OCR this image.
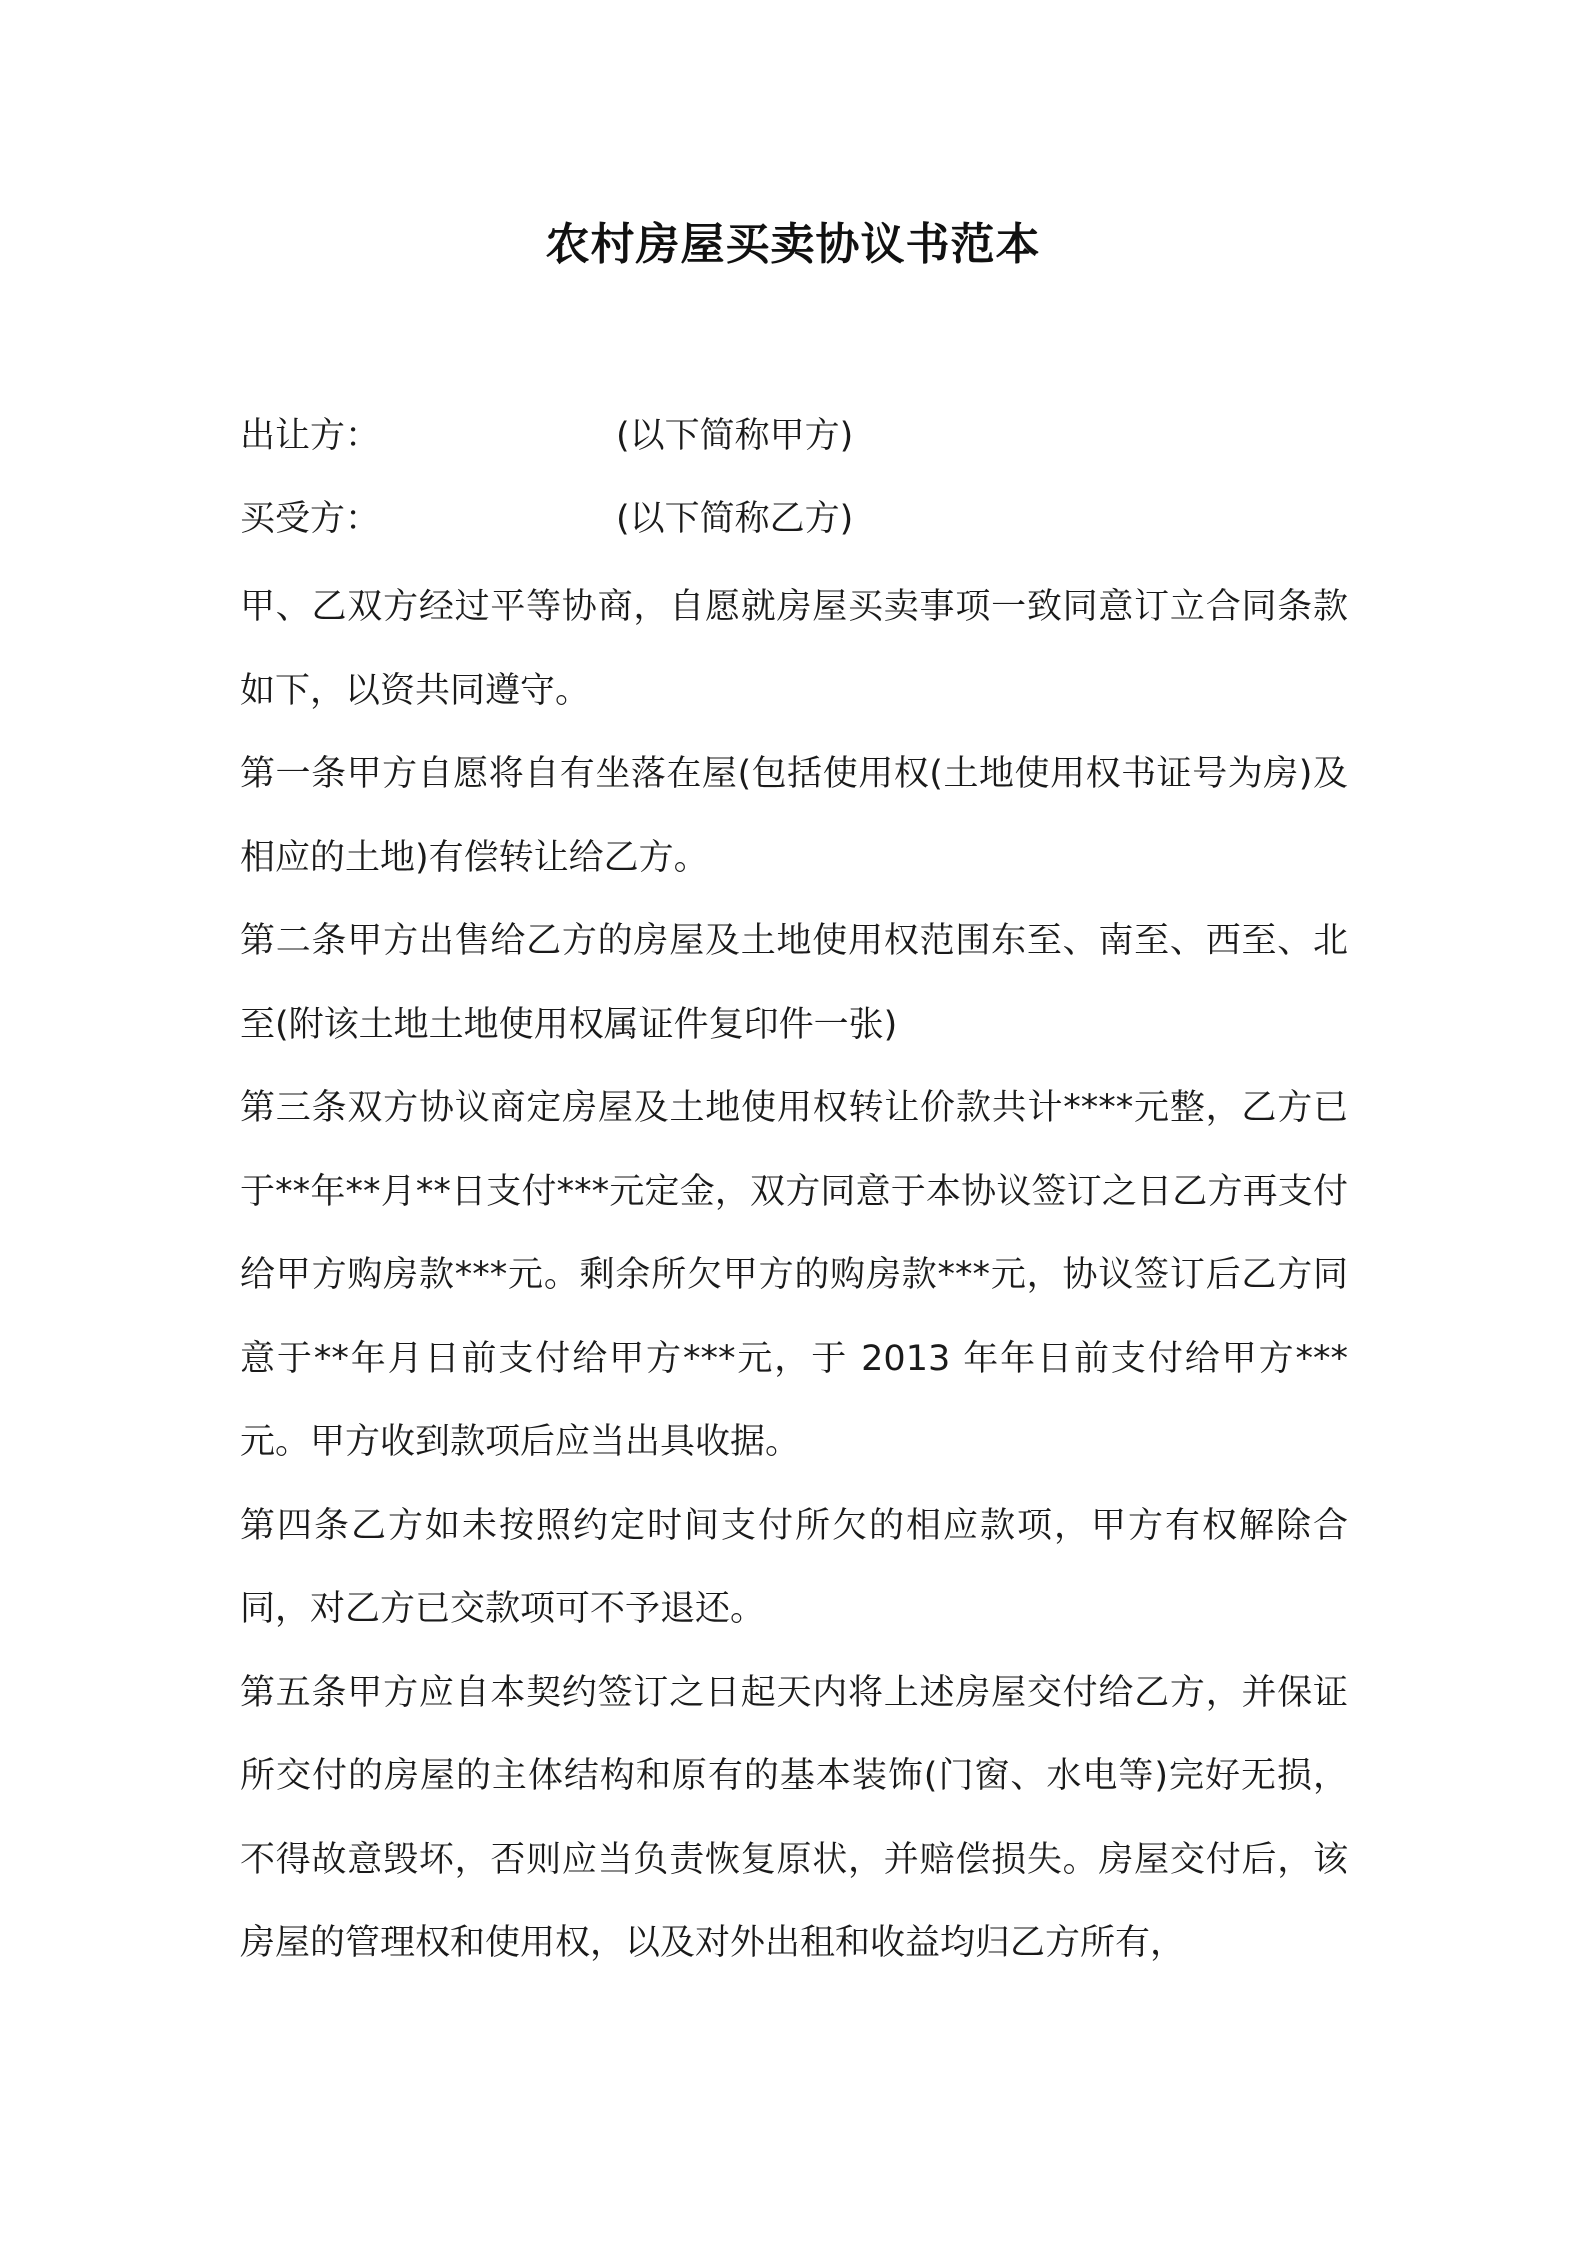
农村房屋买卖协议书范本
出让方：	(以下简称甲方)
买受方：	(以下简称乙方)

甲、乙双方经过平等协商，自愿就房屋买卖事项一致同意订立合同条款如下，以资共同遵守。

第一条甲方自愿将自有坐落在屋(包括使用权(土地使用权书证号为房)及相应的土地)有偿转让给乙方。

第二条甲方出售给乙方的房屋及土地使用权范围东至、南至、西至、北至(附该土地土地使用权属证件复印件一张)

第三条双方协议商定房屋及土地使用权转让价款共计****元整，乙方已于**年**月**日支付***元定金，双方同意于本协议签订之日乙方再支付给甲方购房款***元。剩余所欠甲方的购房款***元，协议签订后乙方同意于**年月日前支付给甲方***元，于 2013 年年日前支付给甲方***元。甲方收到款项后应当出具收据。

第四条乙方如未按照约定时间支付所欠的相应款项，甲方有权解除合同，对乙方已交款项可不予退还。

第五条甲方应自本契约签订之日起天内将上述房屋交付给乙方，并保证所交付的房屋的主体结构和原有的基本装饰(门窗、水电等)完好无损，不得故意毁坏，否则应当负责恢复原状，并赔偿损失。房屋交付后，该房屋的管理权和使用权，以及对外出租和收益均归乙方所有，
